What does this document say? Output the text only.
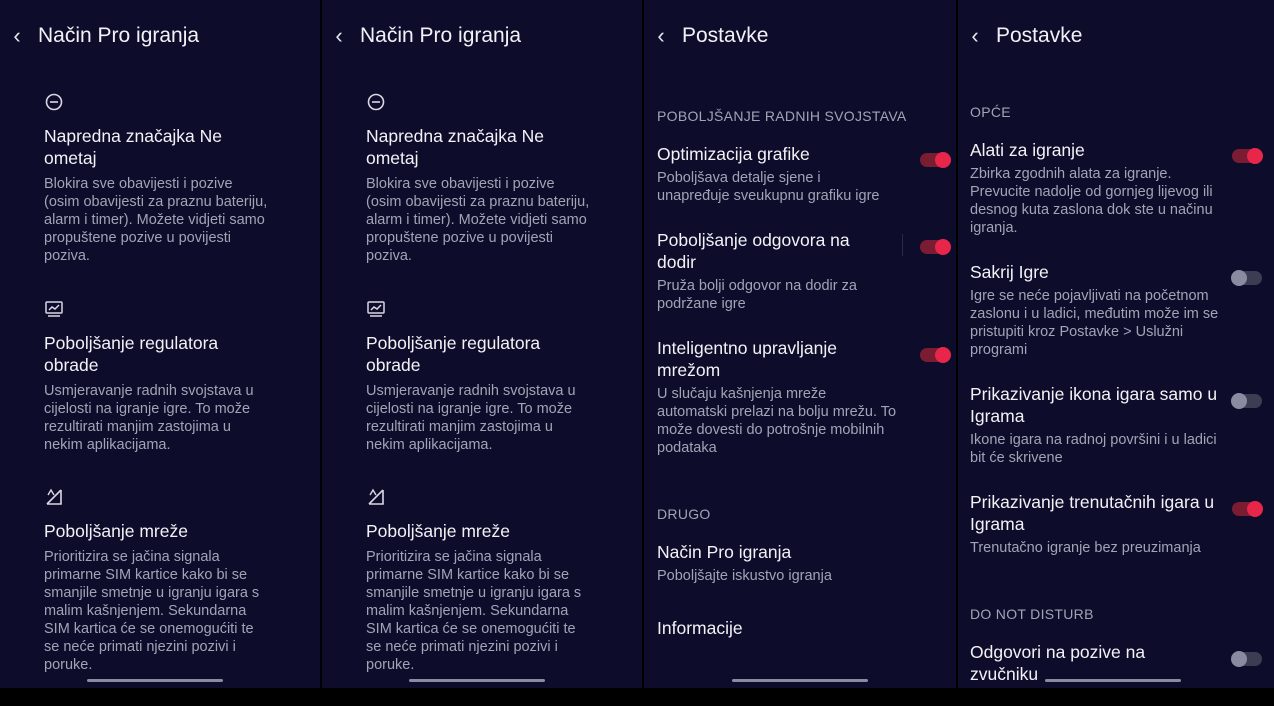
‹ Način Pro igranja
Napredna značajka Ne ometaj
Blokira sve obavijesti i pozive (osim obavijesti za praznu bateriju, alarm i timer). Možete vidjeti samo propuštene pozive u povijesti poziva.
Poboljšanje regulatora obrade
Usmjeravanje radnih svojstava u cijelosti na igranje igre. To može rezultirati manjim zastojima u nekim aplikacijama.
Poboljšanje mreže
Prioritizira se jačina signala primarne SIM kartice kako bi se smanjile smetnje u igranju igara s malim kašnjenjem. Sekundarna SIM kartica će se onemogućiti te se neće primati njezini pozivi i poruke.
‹ Način Pro igranja
Napredna značajka Ne ometaj
Blokira sve obavijesti i pozive (osim obavijesti za praznu bateriju, alarm i timer). Možete vidjeti samo propuštene pozive u povijesti poziva.
Poboljšanje regulatora obrade
Usmjeravanje radnih svojstava u cijelosti na igranje igre. To može rezultirati manjim zastojima u nekim aplikacijama.
Poboljšanje mreže
Prioritizira se jačina signala primarne SIM kartice kako bi se smanjile smetnje u igranju igara s malim kašnjenjem. Sekundarna SIM kartica će se onemogućiti te se neće primati njezini pozivi i poruke.
‹ Postavke
POBOLJŠANJE RADNIH SVOJSTAVA
Optimizacija grafike
Poboljšava detalje sjene i unapređuje sveukupnu grafiku igre
Poboljšanje odgovora na dodir
Pruža bolji odgovor na dodir za podržane igre
Inteligentno upravljanje mrežom
U slučaju kašnjenja mreže automatski prelazi na bolju mrežu. To može dovesti do potrošnje mobilnih podataka
DRUGO
Način Pro igranja
Poboljšajte iskustvo igranja
Informacije
‹ Postavke
OPĆE
Alati za igranje
Zbirka zgodnih alata za igranje. Prevucite nadolje od gornjeg lijevog ili desnog kuta zaslona dok ste u načinu igranja.
Sakrij Igre
Igre se neće pojavljivati na početnom zaslonu i u ladici, međutim može im se pristupiti kroz Postavke > Uslužni programi
Prikazivanje ikona igara samo u Igrama
Ikone igara na radnoj površini i u ladici bit će skrivene
Prikazivanje trenutačnih igara u Igrama
Trenutačno igranje bez preuzimanja
DO NOT DISTURB
Odgovori na pozive na zvučniku
